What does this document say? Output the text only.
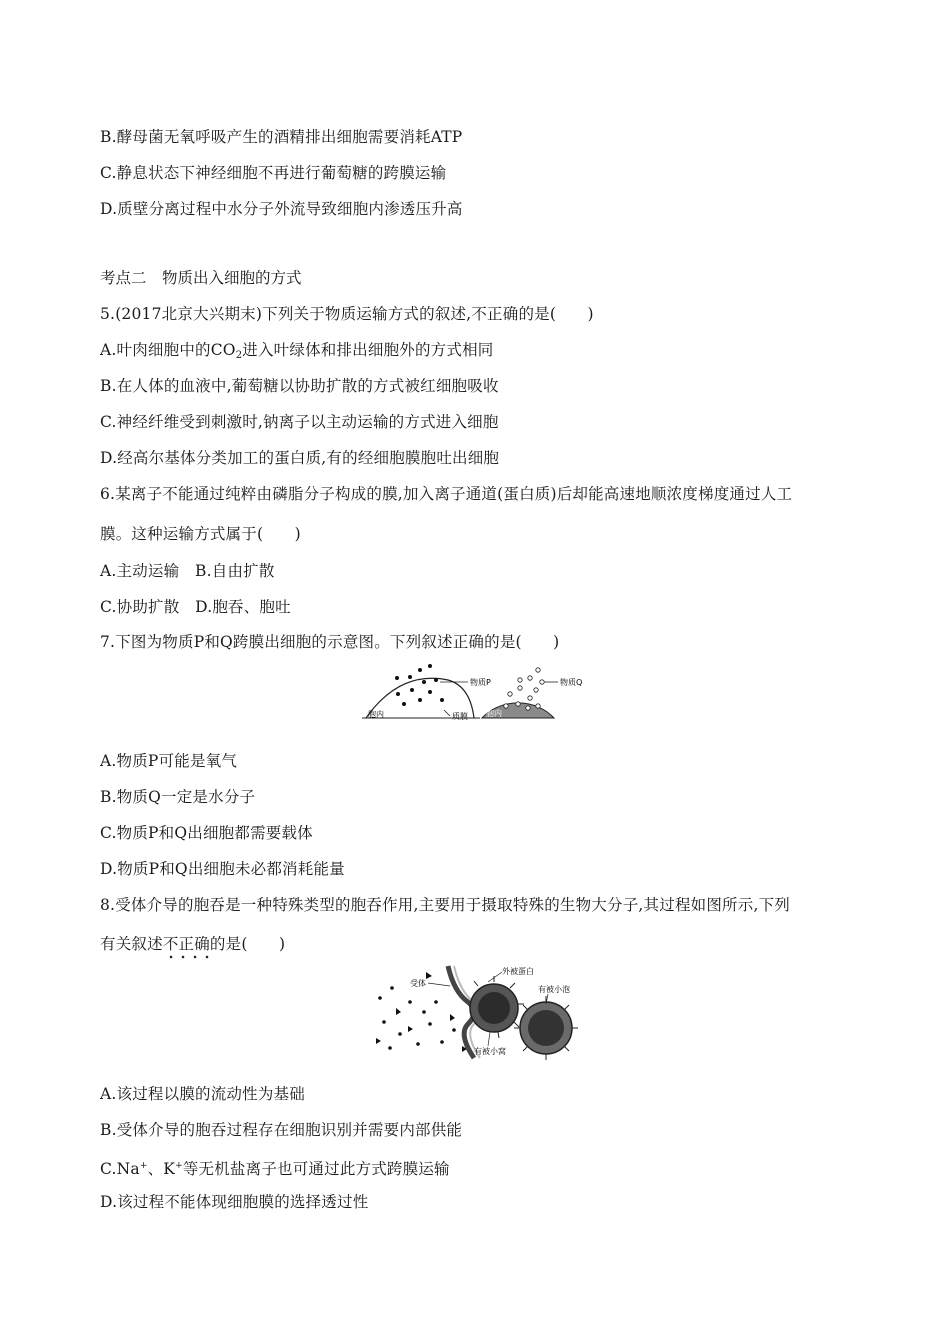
B.酵母菌无氧呼吸产生的酒精排出细胞需要消耗ATP
C.静息状态下神经细胞不再进行葡萄糖的跨膜运输
D.质壁分离过程中水分子外流导致细胞内渗透压升高
考点二　物质出入细胞的方式
5.(2017北京大兴期末)下列关于物质运输方式的叙述,不正确的是(　　)
A.叶肉细胞中的$CO_2$进入叶绿体和排出细胞外的方式相同
B.在人体的血液中,葡萄糖以协助扩散的方式被红细胞吸收
C.神经纤维受到刺激时,钠离子以主动运输的方式进入细胞
D.经高尔基体分类加工的蛋白质,有的经细胞膜胞吐出细胞
6.某离子不能通过纯粹由磷脂分子构成的膜,加入离子通道(蛋白质)后却能高速地顺浓度梯度通过人工
膜。这种运输方式属于(　　)
A.主动运输　B.自由扩散
C.协助扩散　D.胞吞、胞吐
7.下图为物质P和Q跨膜出细胞的示意图。下列叙述正确的是(　　)
物质P
胞内	质膜
物质Q
胞内
A.物质P可能是氧气
B.物质Q一定是水分子
C.物质P和Q出细胞都需要载体
D.物质P和Q出细胞未必都消耗能量
8.受体介导的胞吞是一种特殊类型的胞吞作用,主要用于摄取特殊的生物大分子,其过程如图所示,下列
有关叙述不正确的是(　　)
受体
外被蛋白
有被小泡
有被小窝
A.该过程以膜的流动性为基础
B.受体介导的胞吞过程存在细胞识别并需要内部供能
C.Na+、K+等无机盐离子也可通过此方式跨膜运输
D.该过程不能体现细胞膜的选择透过性
